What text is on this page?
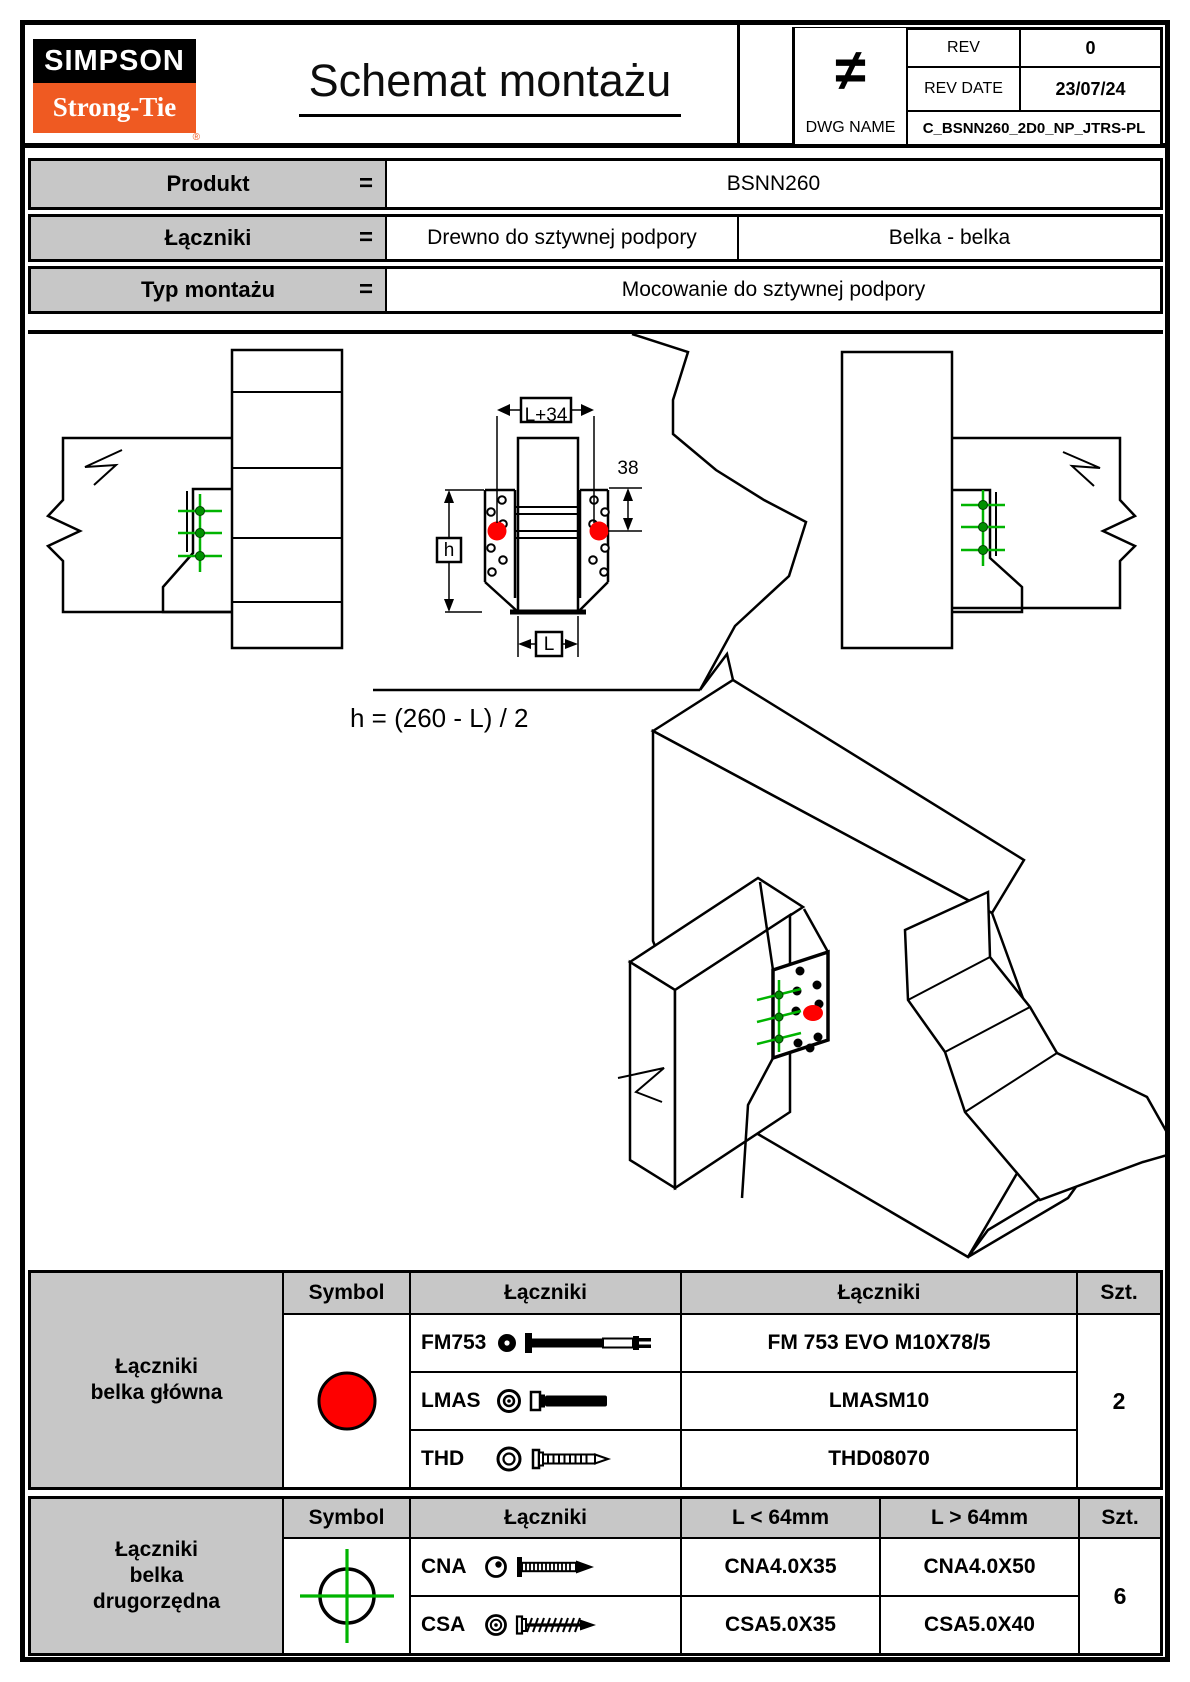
SIMPSON
Strong-Tie
®
Schemat montażu	≠	REV	0
REV DATE	23/07/24
DWG NAME	C_BSNN260_2D0_NP_JTRS-PL
Produkt	=	BSNN260
Łączniki	=	Drewno do sztywnej podpory	Belka - belka
Typ montażu	=	Mocowanie do sztywnej podpory
L+34
h
38
L
h = (260 - L) / 2
Łączniki belka główna
Symbol	Łączniki	Łączniki	Szt.
FM753	FM 753 EVO M10X78/5
LMAS	LMASM10
THD	THD08070
2
Łączniki belka drugorzędna
Symbol	Łączniki	L < 64mm	L > 64mm	Szt.
CNA	CNA4.0X35	CNA4.0X50
CSA	CSA5.0X35	CSA5.0X40
6
